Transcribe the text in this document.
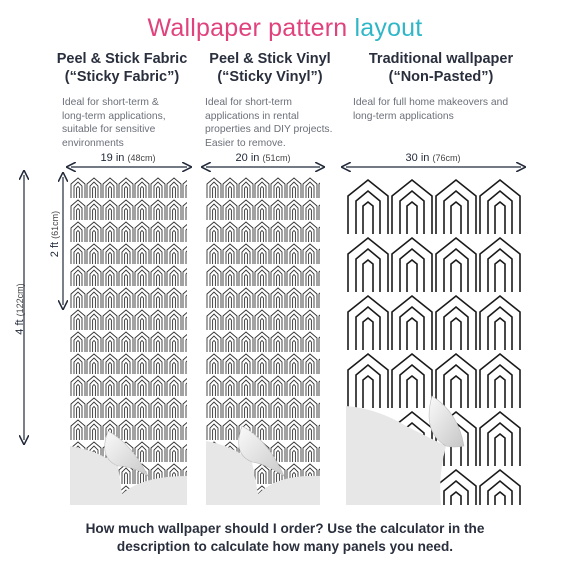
Wallpaper pattern layout
Peel & Stick Fabric
(“Sticky Fabric”)
Peel & Stick Vinyl
(“Sticky Vinyl”)
Traditional wallpaper
(“Non-Pasted”)
Ideal for short-term &
long-term applications,
suitable for sensitive
environments
Ideal for short-term
applications in rental
properties and DIY projects.
Easier to remove.
Ideal for full home makeovers and
long-term applications
19 in (48cm)	20 in (51cm)	30 in (76cm)
2 ft (61cm)
4 ft (122cm)
How much wallpaper should I order? Use the calculator in the
description to calculate how many panels you need.
